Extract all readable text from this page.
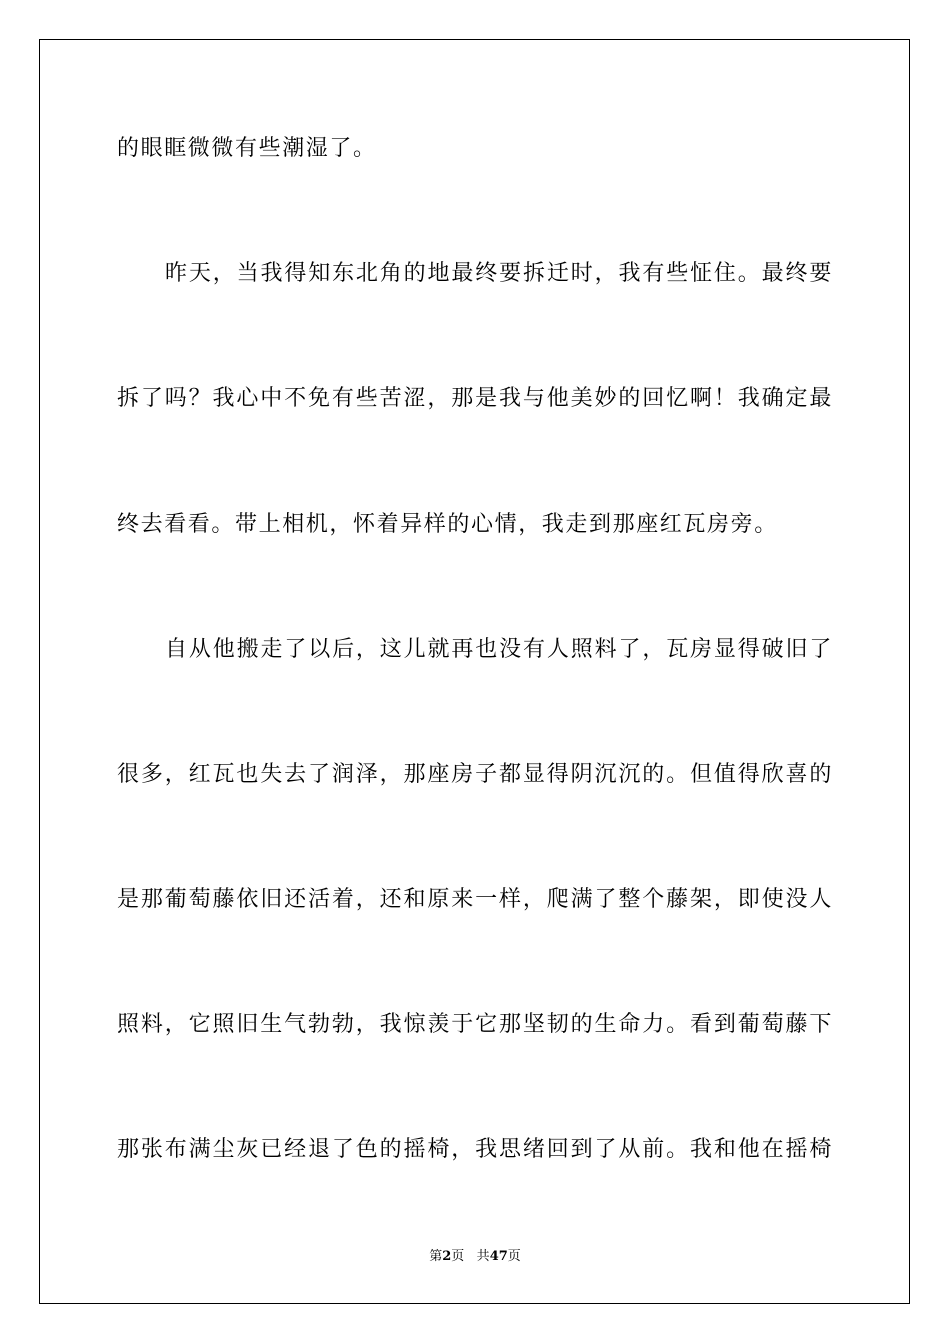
的眼眶微微有些潮湿了。
昨天，当我得知东北角的地最终要拆迁时，我有些怔住。最终要
拆了吗？我心中不免有些苦涩，那是我与他美妙的回忆啊！我确定最
终去看看。带上相机，怀着异样的心情，我走到那座红瓦房旁。
自从他搬走了以后，这儿就再也没有人照料了，瓦房显得破旧了
很多，红瓦也失去了润泽，那座房子都显得阴沉沉的。但值得欣喜的
是那葡萄藤依旧还活着，还和原来一样，爬满了整个藤架，即使没人
照料，它照旧生气勃勃，我惊羡于它那坚韧的生命力。看到葡萄藤下
那张布满尘灰已经退了色的摇椅，我思绪回到了从前。我和他在摇椅
第2页 共47页
